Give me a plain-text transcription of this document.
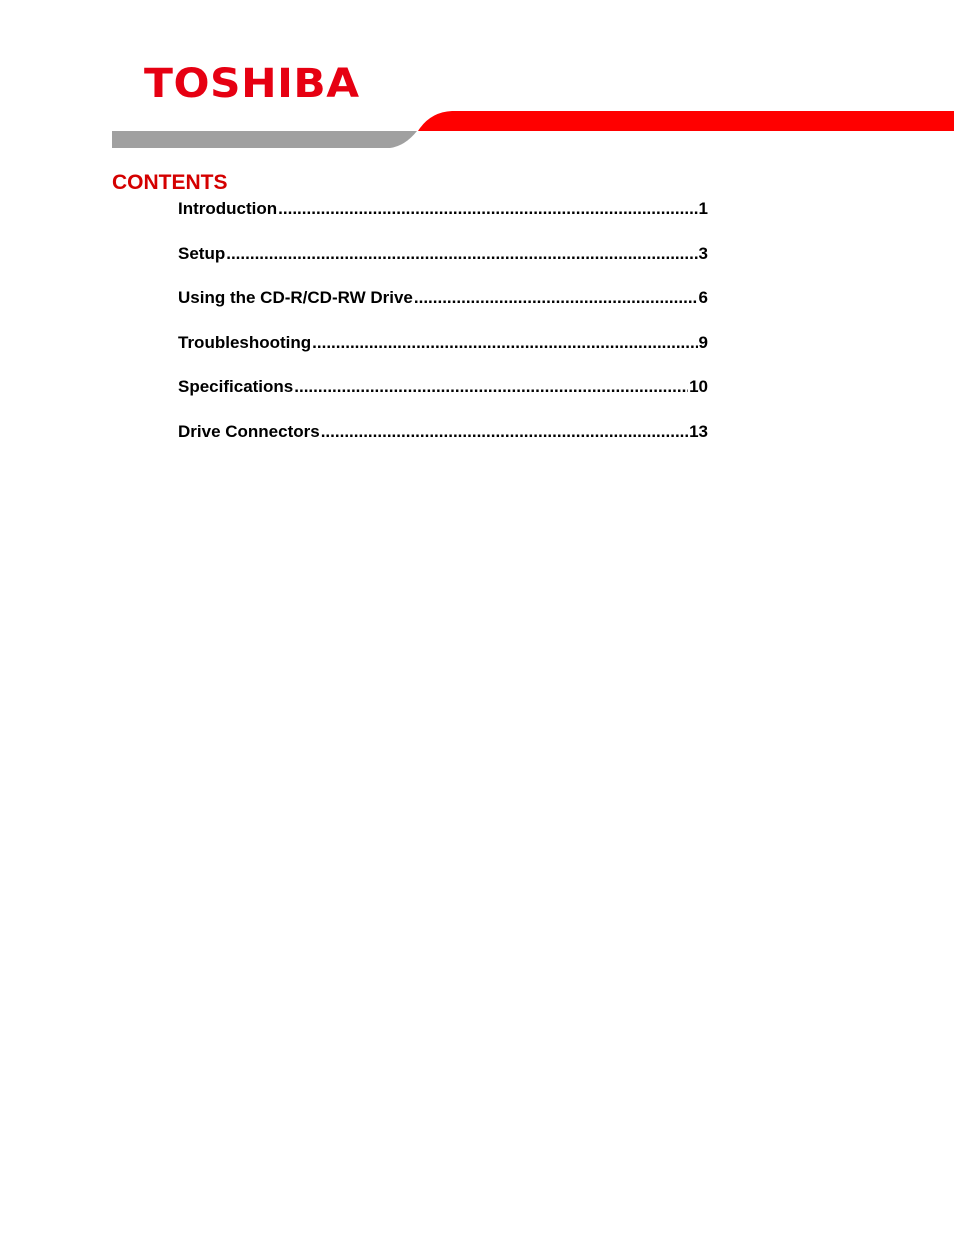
TOSHIBA
CONTENTS
Introduction .....	1
Setup .....	3
Using the CD-R/CD-RW Drive .....	6
Troubleshooting .....	9
Specifications .....	10
Drive Connectors .....	13
